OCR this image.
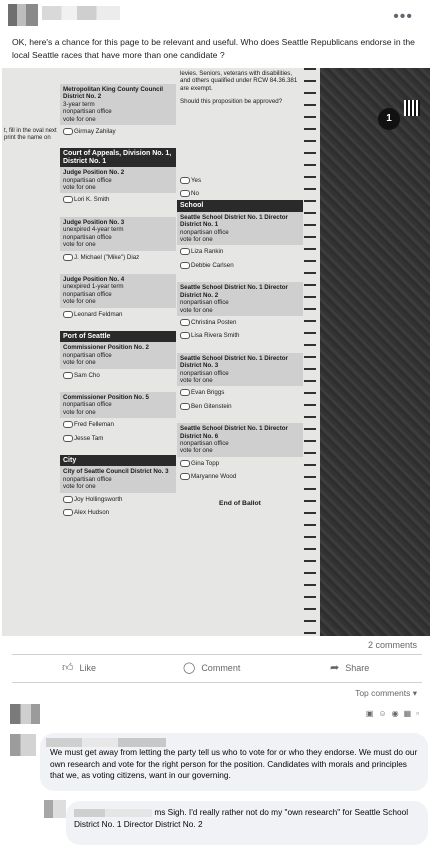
•••
OK, here's a chance for this page to be relevant and useful. Who does Seattle Republicans endorse in the local Seattle races that have more than one candidate ?
t, fill in the oval next print the name on
Metropolitan King County Council District No. 2
3-year term
nonpartisan office
vote for one
Girmay Zahilay
Court of Appeals, Division No. 1, District No. 1
Judge Position No. 2
nonpartisan office
vote for one
Lori K. Smith
Judge Position No. 3
unexpired 4-year term
nonpartisan office
vote for one
J. Michael ("Mike") Diaz
Judge Position No. 4
unexpired 1-year term
nonpartisan office
vote for one
Leonard Feldman
Port of Seattle
Commissioner Position No. 2
nonpartisan office
vote for one
Sam Cho
Commissioner Position No. 5
nonpartisan office
vote for one
Fred Felleman
Jesse Tam
City
City of Seattle Council District No. 3
nonpartisan office
vote for one
Joy Hollingsworth
Alex Hudson
levies. Seniors, veterans with disabilities, and others qualified under RCW 84.36.381 are exempt.
Should this proposition be approved?
Yes
No
School
Seattle School District No. 1 Director District No. 1
nonpartisan office
vote for one
Liza Rankin
Debbie Carlsen
Seattle School District No. 1 Director District No. 2
nonpartisan office
vote for one
Christina Posten
Lisa Rivera Smith
Seattle School District No. 1 Director District No. 3
nonpartisan office
vote for one
Evan Briggs
Ben Gitenstein
Seattle School District No. 1 Director District No. 6
nonpartisan office
vote for one
Gina Topp
Maryanne Wood
End of Ballot
1
2 comments
👍︎ Like	◯ Comment	➦ Share
Top comments ▾
▣ ☺ ◉ ▦ ▫
We must get away from letting the party tell us who to vote for or who they endorse. We must do our own research and vote for the right person for the position. Candidates with morals and principles that we, as voting citizens, want in our governing.
ms Sigh. I'd really rather not do my "own research" for Seattle School District No. 1 Director District No. 2
